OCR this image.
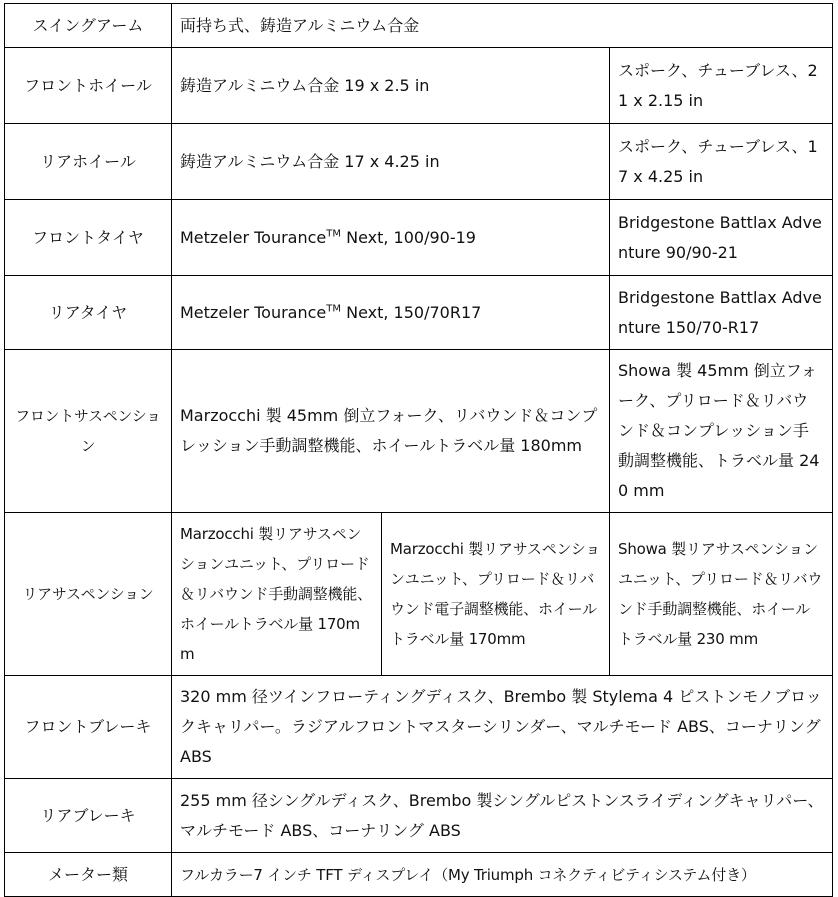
スイングアーム	両持ち式、鋳造アルミニウム合金		
フロントホイール	鋳造アルミニウム合金 19 x 2.5 in		スポーク、チューブレス、21 x 2.15 in
リアホイール	鋳造アルミニウム合金 17 x 4.25 in		スポーク、チューブレス、17 x 4.25 in
フロントタイヤ	Metzeler Tourance™ Next, 100/90-19		Bridgestone Battlax Adventure 90/90-21
リアタイヤ	Metzeler Tourance™ Next, 150/70R17		Bridgestone Battlax Adventure 150/70-R17
フロントサスペンション	Marzocchi 製 45mm 倒立フォーク、リバウンド＆コンプレッション手動調整機能、ホイールトラベル量 180mm		Showa 製 45mm 倒立フォーク、プリロード＆リバウンド＆コンプレッション手動調整機能、トラベル量 240 mm
リアサスペンション	Marzocchi 製リアサスペンションユニット、プリロード＆リバウンド手動調整機能、ホイールトラベル量 170mm	Marzocchi 製リアサスペンションユニット、プリロード＆リバウンド電子調整機能、ホイールトラベル量 170mm	Showa 製リアサスペンションユニット、プリロード＆リバウンド手動調整機能、ホイールトラベル量 230 mm
フロントブレーキ	320 mm 径ツインフローティングディスク、Brembo 製 Stylema 4 ピストンモノブロックキャリパー。ラジアルフロントマスターシリンダー、マルチモード ABS、コーナリング ABS		
リアブレーキ	255 mm 径シングルディスク、Brembo 製シングルピストンスライディングキャリパー、マルチモード ABS、コーナリング ABS		
メーター類	フルカラー7 インチ TFT ディスプレイ（My Triumph コネクティビティシステム付き）		
